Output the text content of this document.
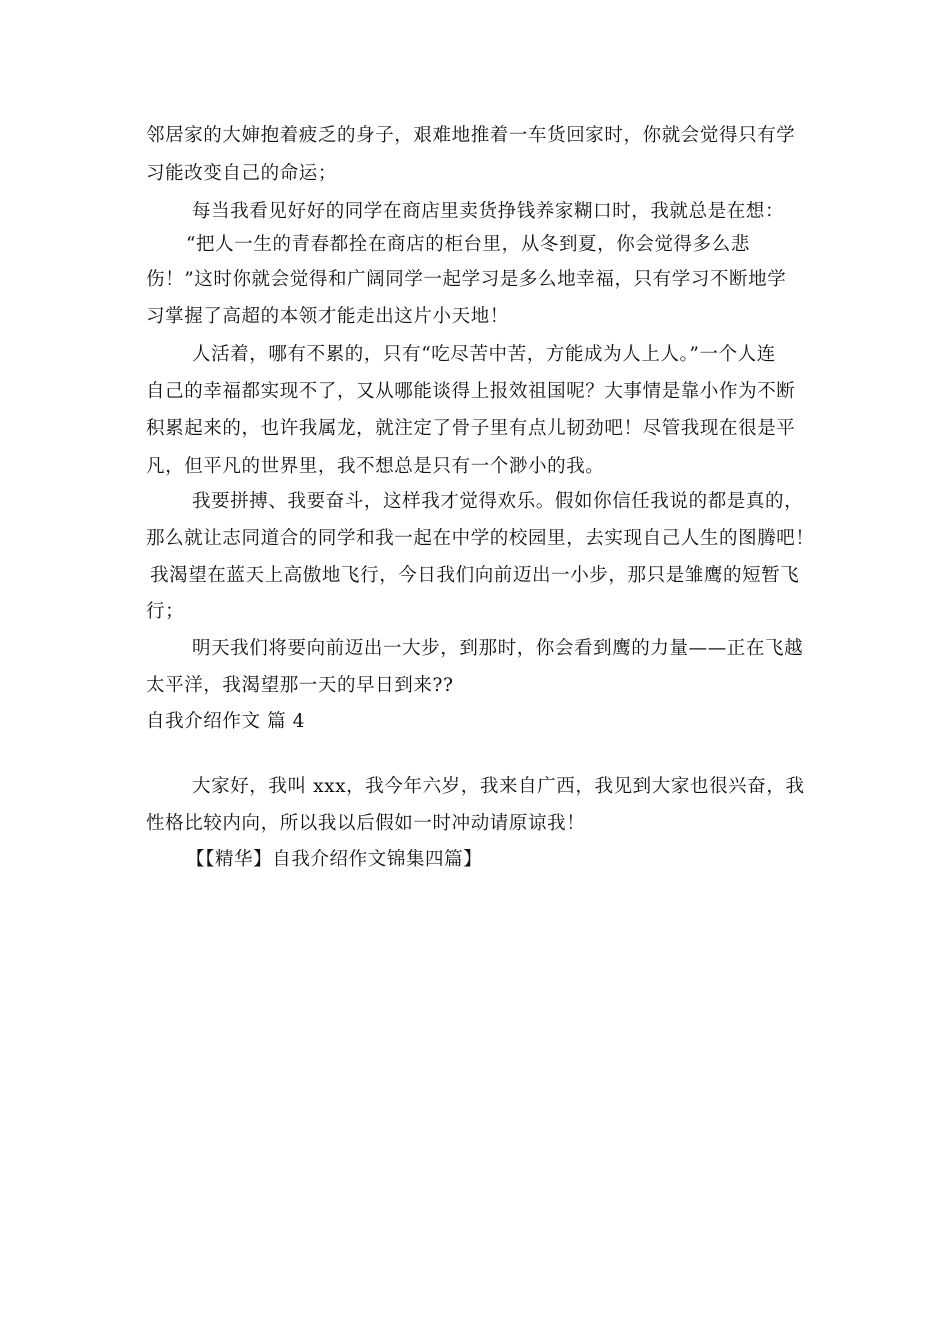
邻居家的大婶抱着疲乏的身子，艰难地推着一车货回家时，你就会觉得只有学
习能改变自己的命运；
每当我看见好好的同学在商店里卖货挣钱养家糊口时，我就总是在想：
“把人一生的青春都拴在商店的柜台里，从冬到夏，你会觉得多么悲
伤！”这时你就会觉得和广阔同学一起学习是多么地幸福，只有学习不断地学
习掌握了高超的本领才能走出这片小天地！
人活着，哪有不累的，只有“吃尽苦中苦，方能成为人上人。”一个人连
自己的幸福都实现不了，又从哪能谈得上报效祖国呢？大事情是靠小作为不断
积累起来的，也许我属龙，就注定了骨子里有点儿韧劲吧！尽管我现在很是平
凡，但平凡的世界里，我不想总是只有一个渺小的我。
我要拼搏、我要奋斗，这样我才觉得欢乐。假如你信任我说的都是真的，
那么就让志同道合的同学和我一起在中学的校园里，去实现自己人生的图腾吧！
我渴望在蓝天上高傲地飞行，今日我们向前迈出一小步，那只是雏鹰的短暂飞
行；
明天我们将要向前迈出一大步，到那时，你会看到鹰的力量——正在飞越
太平洋，我渴望那一天的早日到来??
自我介绍作文 篇 4
大家好，我叫 xxx，我今年六岁，我来自广西，我见到大家也很兴奋，我
性格比较内向，所以我以后假如一时冲动请原谅我！
【【精华】自我介绍作文锦集四篇】
